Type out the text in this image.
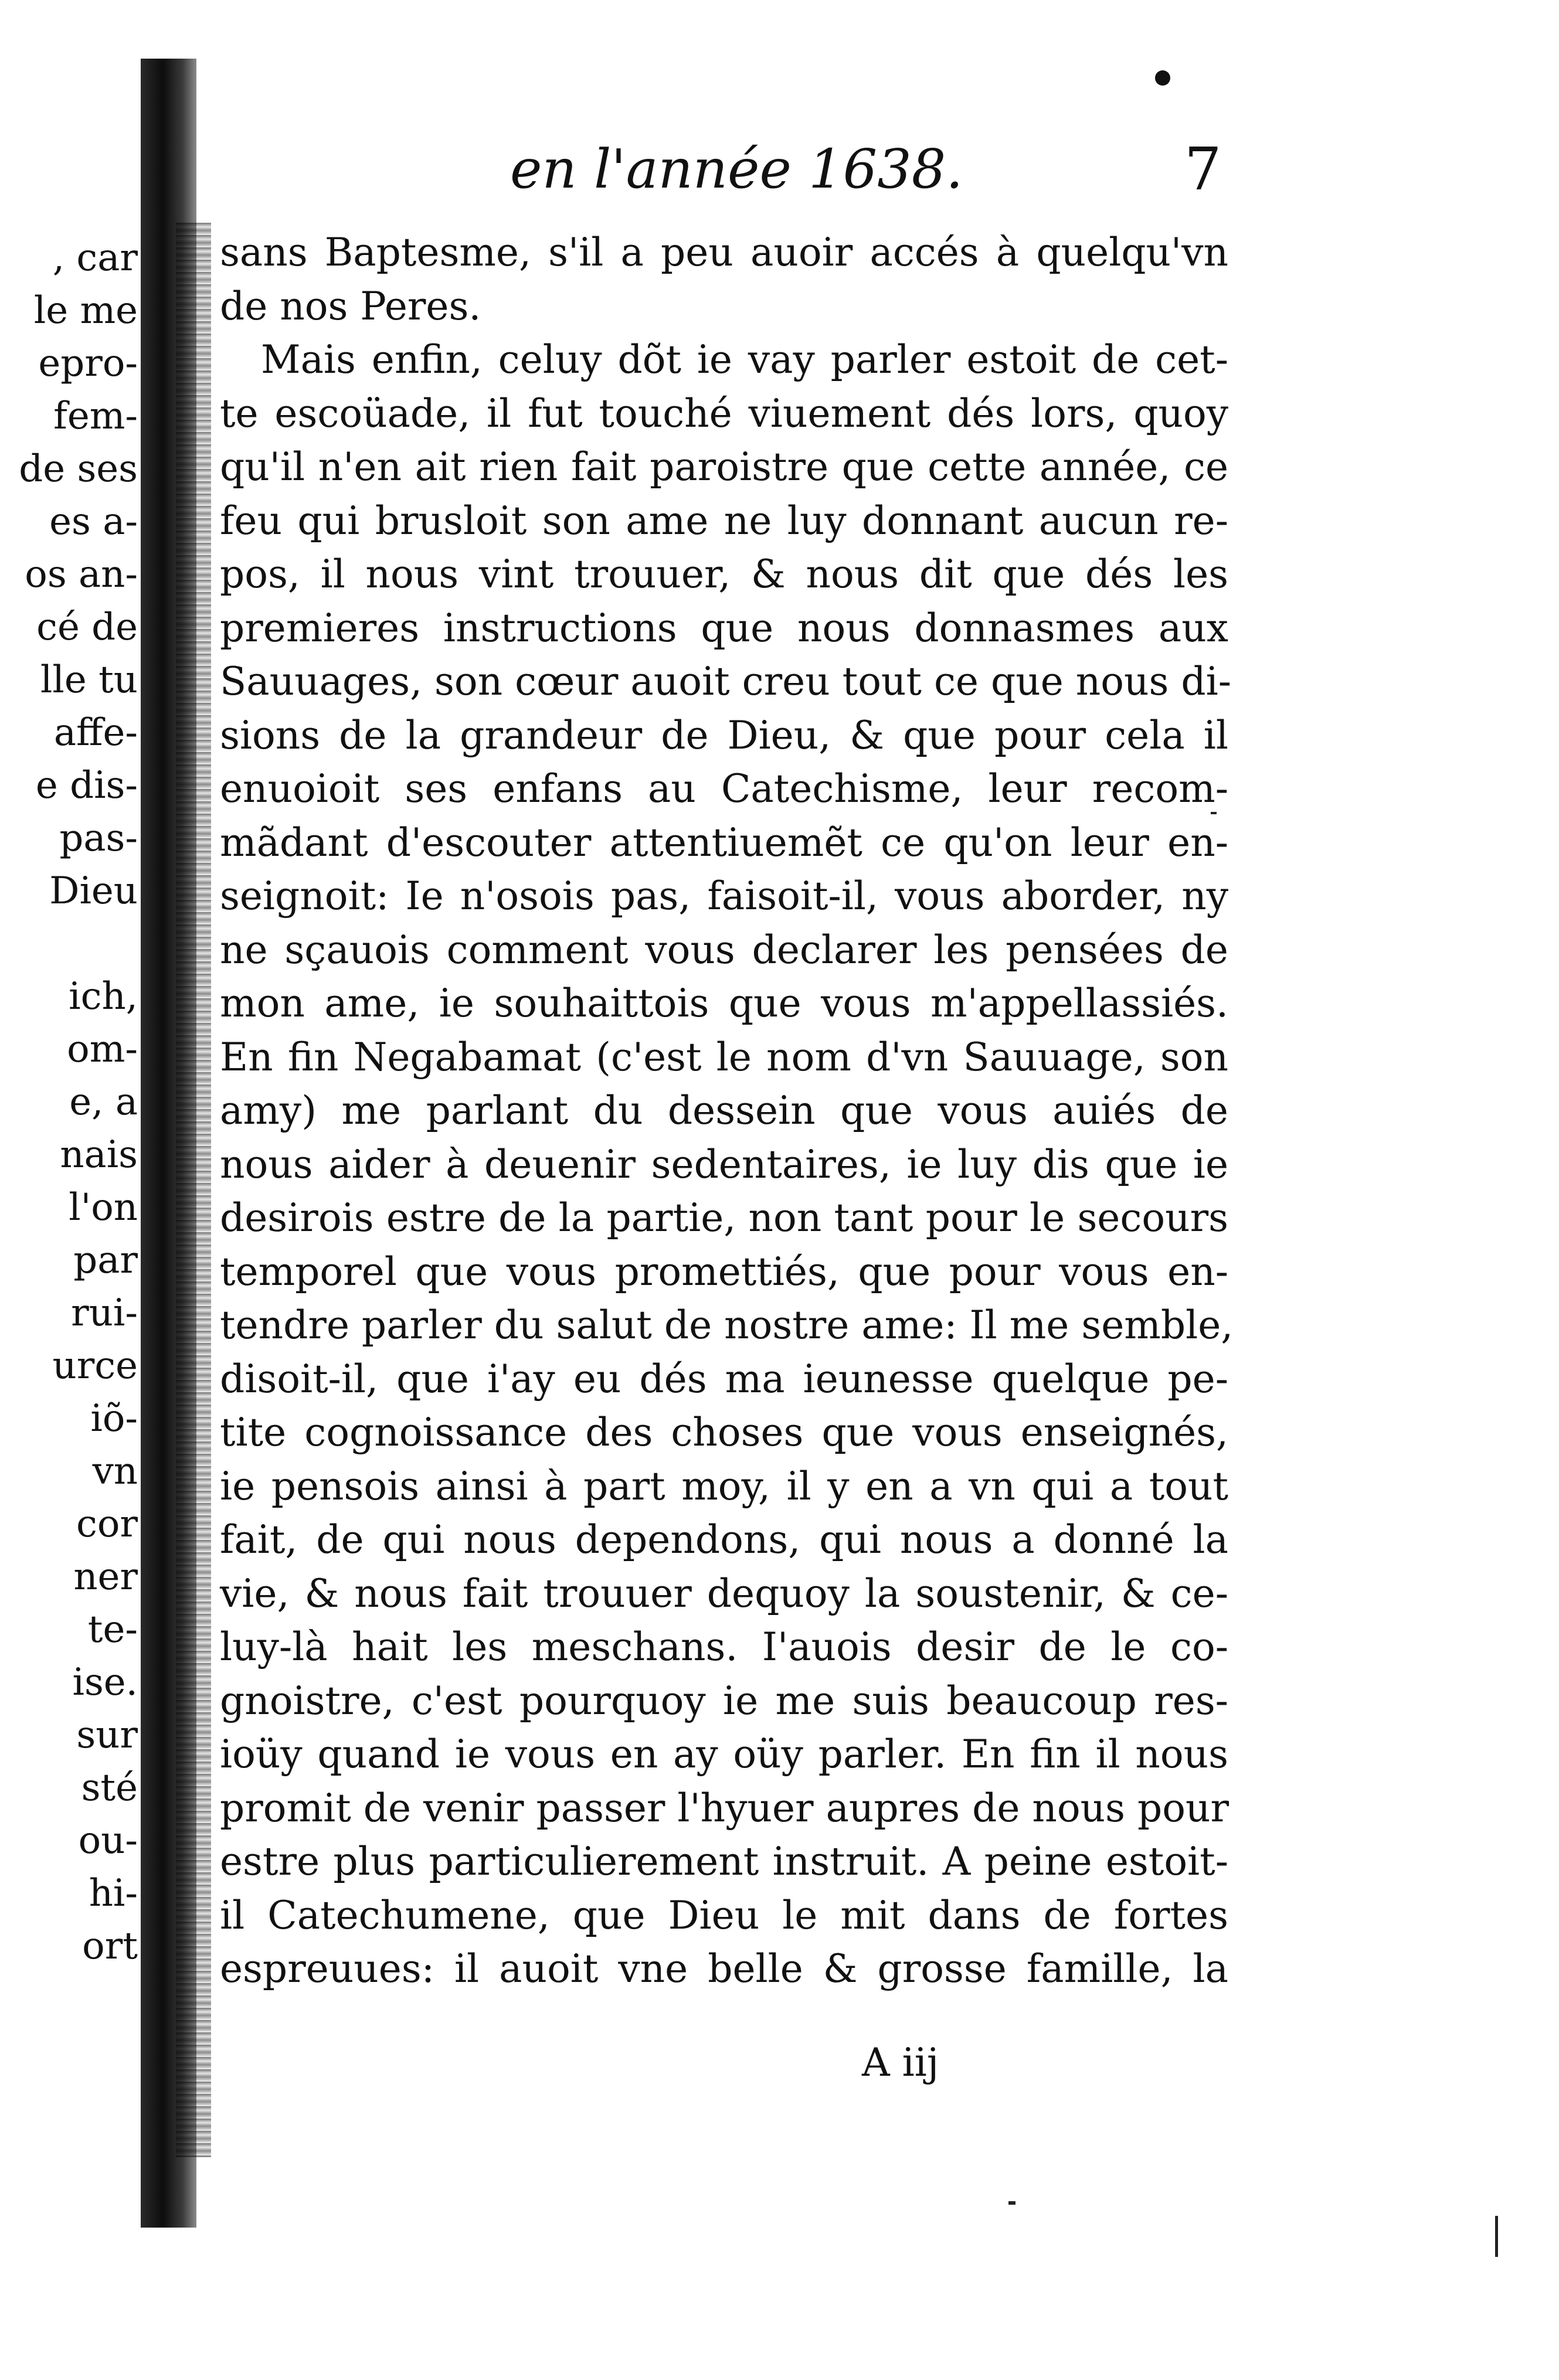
, car
le me
epro-
fem-
de ses
es a-
os an-
cé de
lle tu
affe-
e dis-
pas-
Dieu
ich,
om-
e, a
nais
l'on
par
rui-
urce
iõ-
vn
cor
ner
te-
ise.
sur
sté
ou-
hi-
ort
en l'année 1638.	7
sans Baptesme, s'il a peu auoir accés à quelqu'vn
de nos Peres.
Mais enfin, celuy dõt ie vay parler estoit de cet-
te escoüade, il fut touché viuement dés lors, quoy
qu'il n'en ait rien fait paroistre que cette année, ce
feu qui brusloit son ame ne luy donnant aucun re-
pos, il nous vint trouuer, & nous dit que dés les
premieres instructions que nous donnasmes aux
Sauuages, son cœur auoit creu tout ce que nous di-
sions de la grandeur de Dieu, & que pour cela il
enuoioit ses enfans au Catechisme, leur recom-
mãdant d'escouter attentiuemẽt ce qu'on leur en-
seignoit: Ie n'osois pas, faisoit-il, vous aborder, ny
ne sçauois comment vous declarer les pensées de
mon ame, ie souhaittois que vous m'appellassiés.
En fin Negabamat (c'est le nom d'vn Sauuage, son
amy) me parlant du dessein que vous auiés de
nous aider à deuenir sedentaires, ie luy dis que ie
desirois estre de la partie, non tant pour le secours
temporel que vous promettiés, que pour vous en-
tendre parler du salut de nostre ame: Il me semble,
disoit-il, que i'ay eu dés ma ieunesse quelque pe-
tite cognoissance des choses que vous enseignés,
ie pensois ainsi à part moy, il y en a vn qui a tout
fait, de qui nous dependons, qui nous a donné la
vie, & nous fait trouuer dequoy la soustenir, & ce-
luy-là hait les meschans. I'auois desir de le co-
gnoistre, c'est pourquoy ie me suis beaucoup res-
ioüy quand ie vous en ay oüy parler. En fin il nous
promit de venir passer l'hyuer aupres de nous pour
estre plus particulierement instruit. A peine estoit-
il Catechumene, que Dieu le mit dans de fortes
espreuues: il auoit vne belle & grosse famille, la
A iij
